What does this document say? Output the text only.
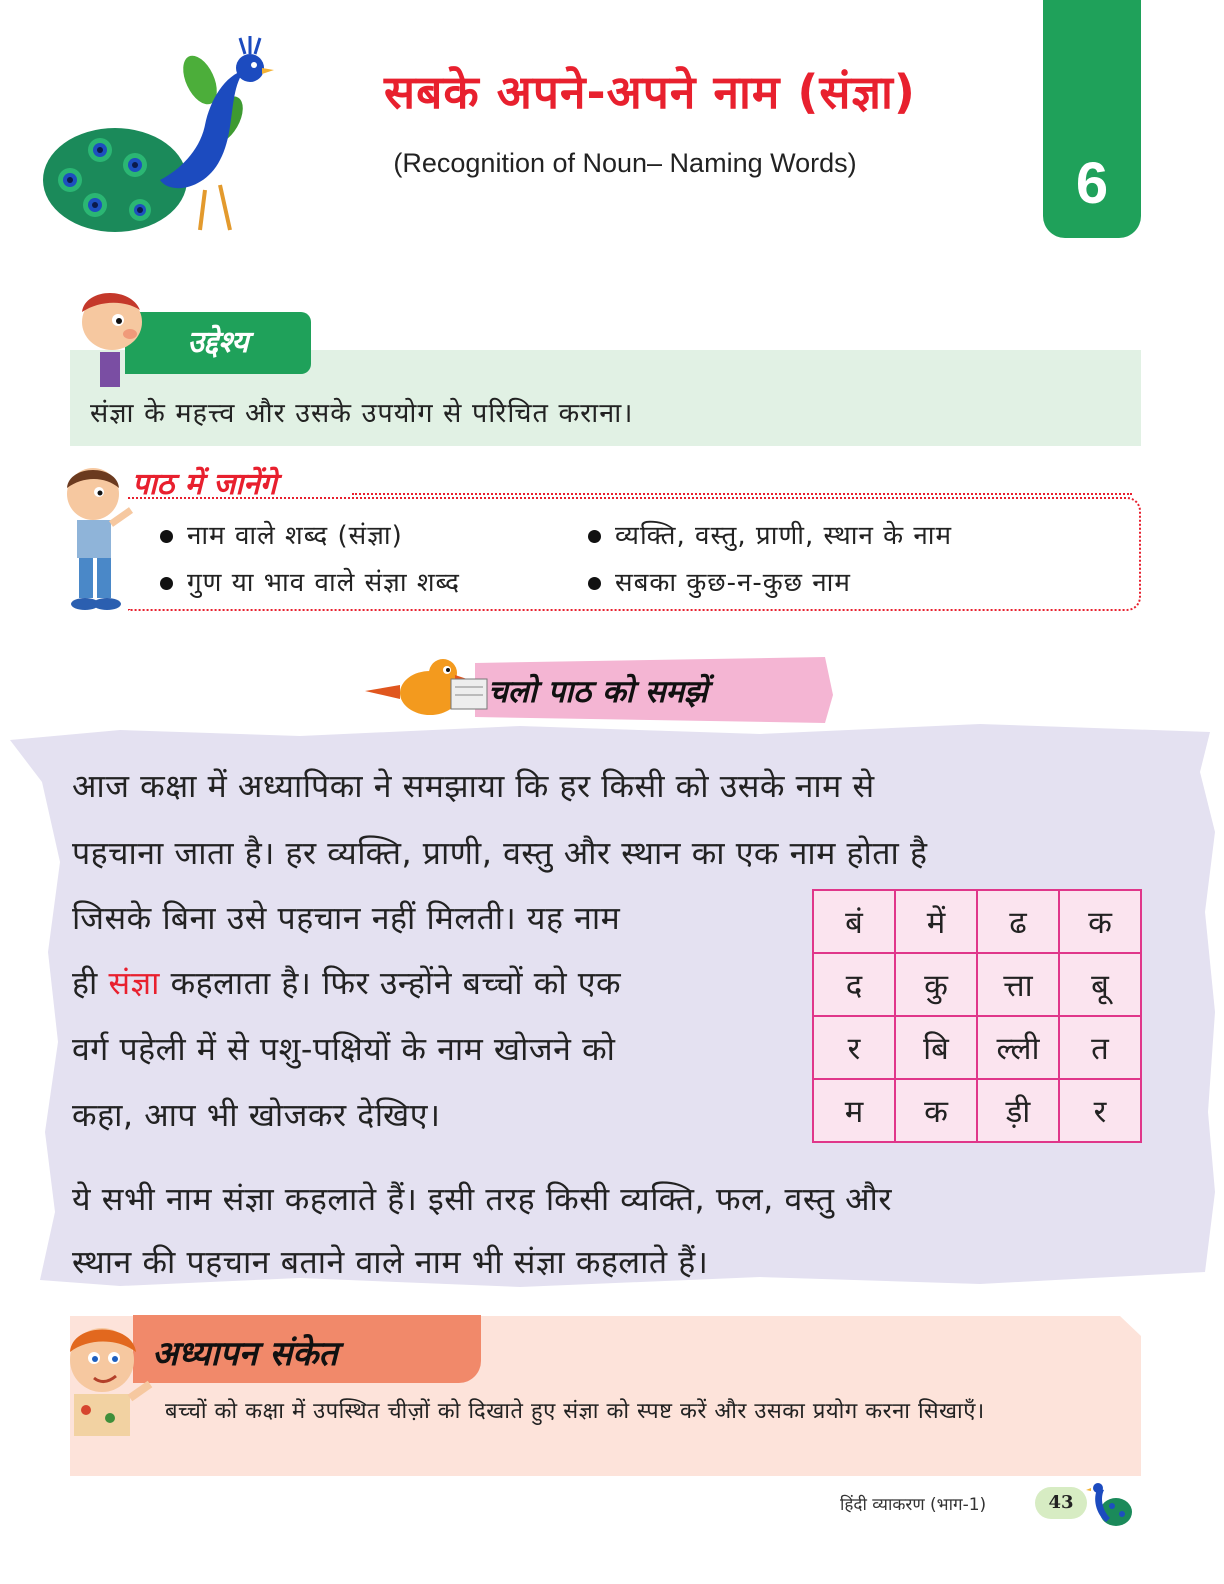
सबके अपने-अपने नाम (संज्ञा)
(Recognition of Noun– Naming Words)	6
उद्देश्य
संज्ञा के महत्त्व और उसके उपयोग से परिचित कराना।
पाठ में जानेंगे
नाम वाले शब्द (संज्ञा)	व्यक्ति, वस्तु, प्राणी, स्थान के नाम
गुण या भाव वाले संज्ञा शब्द	सबका कुछ-न-कुछ नाम
चलो पाठ को समझें
आज कक्षा में अध्यापिका ने समझाया कि हर किसी को उसके नाम से
पहचाना जाता है। हर व्यक्ति, प्राणी, वस्तु और स्थान का एक नाम होता है
जिसके बिना उसे पहचान नहीं मिलती। यह नाम
ही संज्ञा कहलाता है। फिर उन्होंने बच्चों को एक
वर्ग पहेली में से पशु-पक्षियों के नाम खोजने को
कहा, आप भी खोजकर देखिए।
ये सभी नाम संज्ञा कहलाते हैं। इसी तरह किसी व्यक्ति, फल, वस्तु और
स्थान की पहचान बताने वाले नाम भी संज्ञा कहलाते हैं।
बं	में	ढ	क
द	कु	त्ता	बू
र	बि	ल्ली	त
म	क	ड़ी	र
अध्यापन संकेत
बच्चों को कक्षा में उपस्थित चीज़ों को दिखाते हुए संज्ञा को स्पष्ट करें और उसका प्रयोग करना सिखाएँ।
हिंदी व्याकरण (भाग-1)	43
